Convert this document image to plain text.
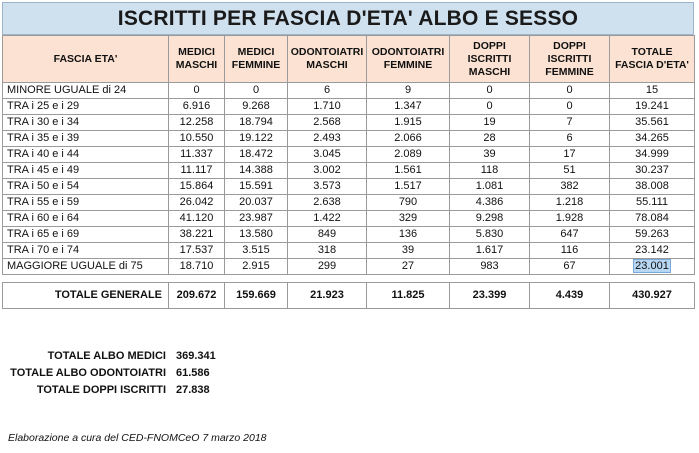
ISCRITTI PER FASCIA D'ETA' ALBO E SESSO
FASCIA ETA'	MEDICI MASCHI	MEDICI FEMMINE	ODONTOIATRI MASCHI	ODONTOIATRI FEMMINE	DOPPI ISCRITTI MASCHI	DOPPI ISCRITTI FEMMINE	TOTALE FASCIA D'ETA'
MINORE UGUALE di 24	0	0	6	9	0	0	15
TRA i 25 e i 29	6.916	9.268	1.710	1.347	0	0	19.241
TRA i 30 e i 34	12.258	18.794	2.568	1.915	19	7	35.561
TRA i 35 e i 39	10.550	19.122	2.493	2.066	28	6	34.265
TRA i 40 e i 44	11.337	18.472	3.045	2.089	39	17	34.999
TRA i 45 e i 49	11.117	14.388	3.002	1.561	118	51	30.237
TRA i 50 e i 54	15.864	15.591	3.573	1.517	1.081	382	38.008
TRA i 55 e i 59	26.042	20.037	2.638	790	4.386	1.218	55.111
TRA i 60 e i 64	41.120	23.987	1.422	329	9.298	1.928	78.084
TRA i 65 e i 69	38.221	13.580	849	136	5.830	647	59.263
TRA i 70 e i 74	17.537	3.515	318	39	1.617	116	23.142
MAGGIORE UGUALE di 75	18.710	2.915	299	27	983	67	23.001

TOTALE GENERALE	209.672	159.669	21.923	11.825	23.399	4.439	430.927
TOTALE ALBO MEDICI 369.341
TOTALE ALBO ODONTOIATRI 61.586
TOTALE DOPPI ISCRITTI 27.838
Elaborazione a cura del CED-FNOMCeO 7 marzo 2018
